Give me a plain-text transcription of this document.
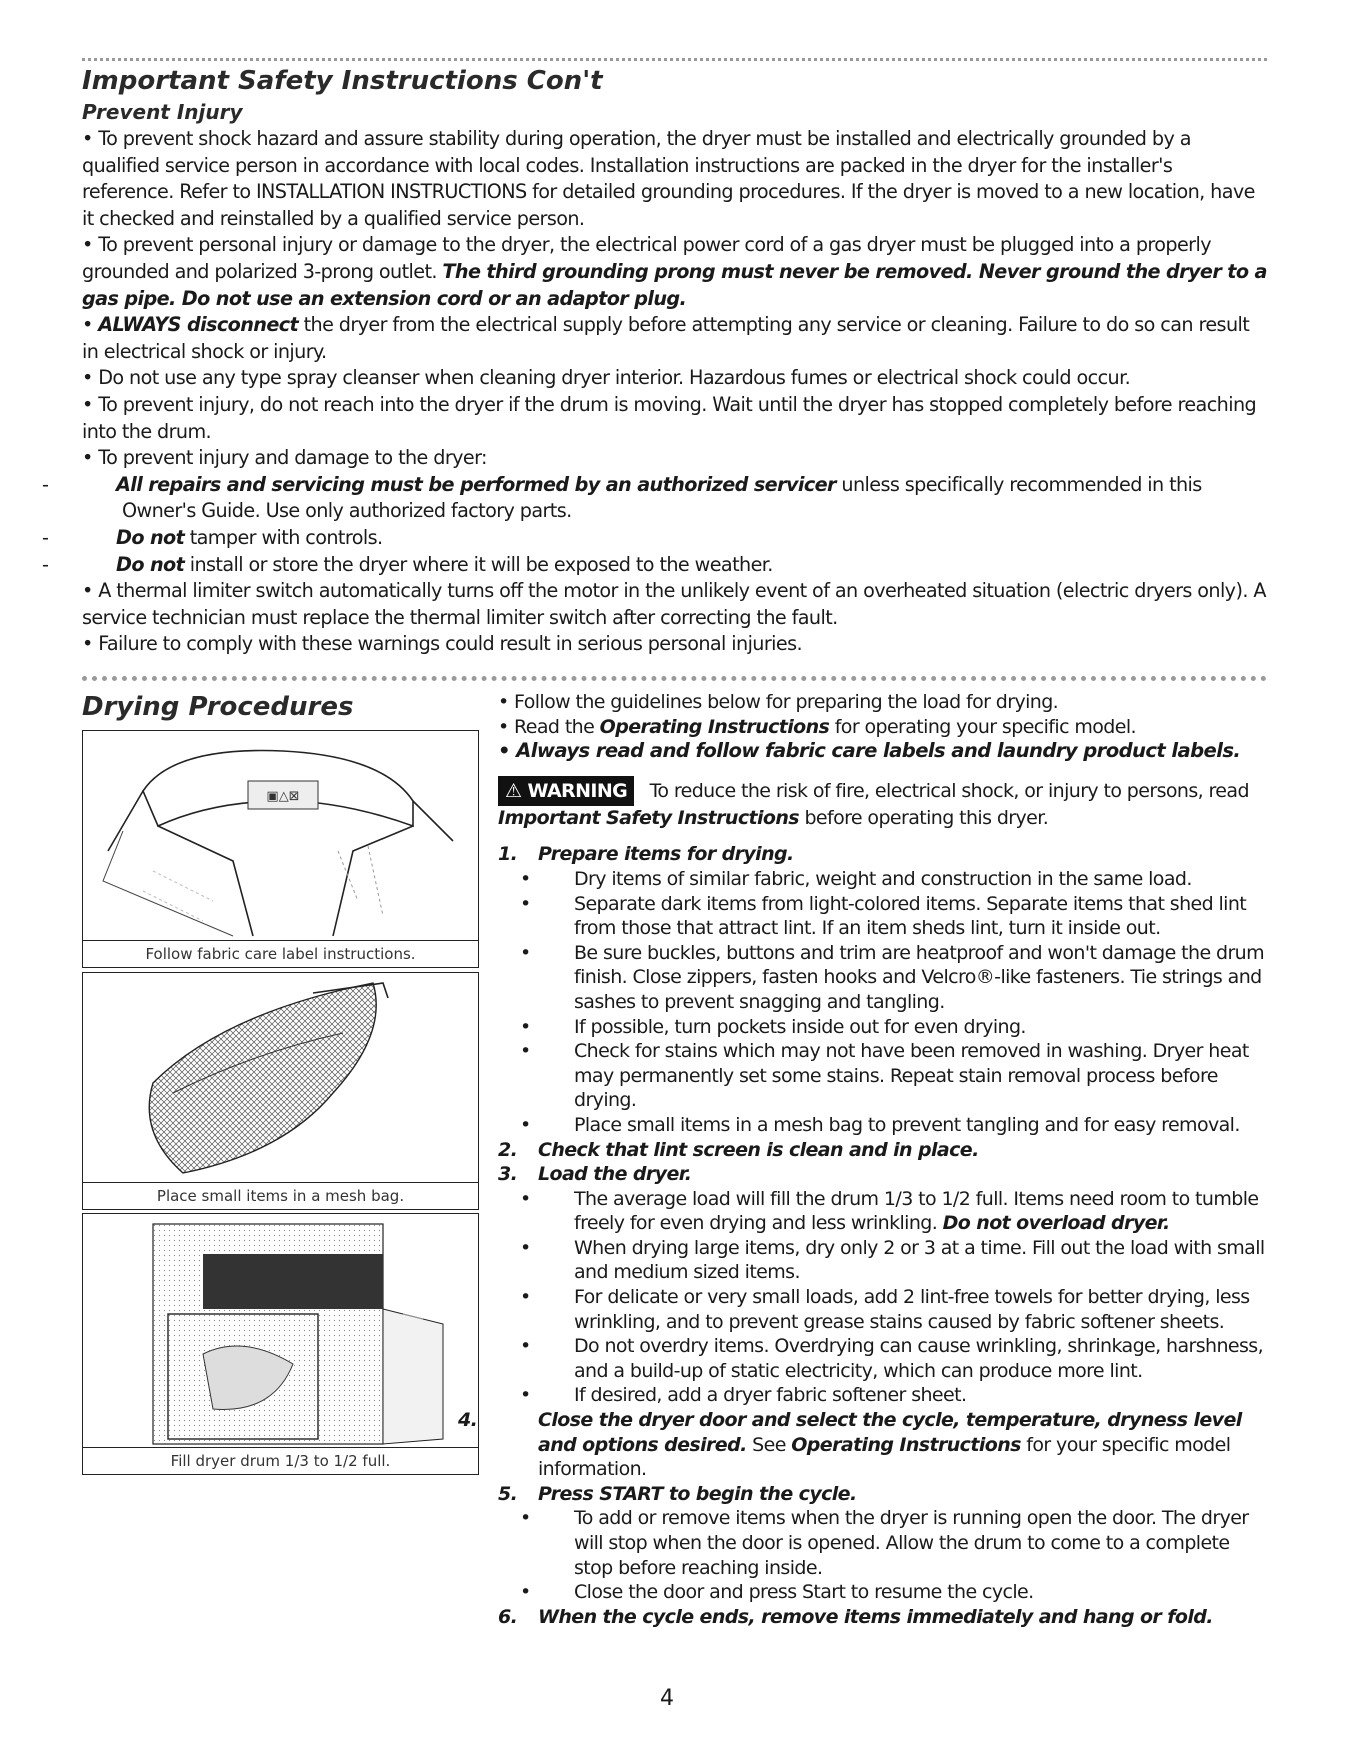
Important Safety Instructions Con't
Prevent Injury

• To prevent shock hazard and assure stability during operation, the dryer must be installed and electrically grounded by a qualified service person in accordance with local codes. Installation instructions are packed in the dryer for the installer's reference. Refer to INSTALLATION INSTRUCTIONS for detailed grounding procedures. If the dryer is moved to a new location, have it checked and reinstalled by a qualified service person.

• To prevent personal injury or damage to the dryer, the electrical power cord of a gas dryer must be plugged into a properly grounded and polarized 3-prong outlet. The third grounding prong must never be removed. Never ground the dryer to a gas pipe. Do not use an extension cord or an adaptor plug.

• ALWAYS disconnect the dryer from the electrical supply before attempting any service or cleaning. Failure to do so can result in electrical shock or injury.

• Do not use any type spray cleanser when cleaning dryer interior. Hazardous fumes or electrical shock could occur.

• To prevent injury, do not reach into the dryer if the drum is moving. Wait until the dryer has stopped completely before reaching into the drum.

• To prevent injury and damage to the dryer:

-	All repairs and servicing must be performed by an authorized servicer unless specifically recommended in this Owner's Guide. Use only authorized factory parts.

-	Do not tamper with controls.

-	Do not install or store the dryer where it will be exposed to the weather.

• A thermal limiter switch automatically turns off the motor in the unlikely event of an overheated situation (electric dryers only). A service technician must replace the thermal limiter switch after correcting the fault.

• Failure to comply with these warnings could result in serious personal injuries.

Drying Procedures
▣△⊠
Follow fabric care label instructions.
Place small items in a mesh bag.
Fill dryer drum 1/3 to 1/2 full.

• Follow the guidelines below for preparing the load for drying.

• Read the Operating Instructions for operating your specific model.

• Always read and follow fabric care labels and laundry product labels.

⚠ WARNING To reduce the risk of fire, electrical shock, or injury to persons, read Important Safety Instructions before operating this dryer.

1. Prepare items for drying.

• Dry items of similar fabric, weight and construction in the same load.

• Separate dark items from light-colored items. Separate items that shed lint from those that attract lint. If an item sheds lint, turn it inside out.

• Be sure buckles, buttons and trim are heatproof and won't damage the drum finish. Close zippers, fasten hooks and Velcro®-like fasteners. Tie strings and sashes to prevent snagging and tangling.

• If possible, turn pockets inside out for even drying.

• Check for stains which may not have been removed in washing. Dryer heat may permanently set some stains. Repeat stain removal process before drying.

• Place small items in a mesh bag to prevent tangling and for easy removal.

2. Check that lint screen is clean and in place.

3. Load the dryer.

• The average load will fill the drum 1/3 to 1/2 full. Items need room to tumble freely for even drying and less wrinkling. Do not overload dryer.

• When drying large items, dry only 2 or 3 at a time. Fill out the load with small and medium sized items.

• For delicate or very small loads, add 2 lint-free towels for better drying, less wrinkling, and to prevent grease stains caused by fabric softener sheets.

• Do not overdry items. Overdrying can cause wrinkling, shrinkage, harshness, and a build-up of static electricity, which can produce more lint.

• If desired, add a dryer fabric softener sheet.

4.	Close the dryer door and select the cycle, temperature, dryness level and options desired. See Operating Instructions for your specific model information.

5. Press START to begin the cycle.

• To add or remove items when the dryer is running open the door. The dryer will stop when the door is opened. Allow the drum to come to a complete stop before reaching inside.

• Close the door and press Start to resume the cycle.

6. When the cycle ends, remove items immediately and hang or fold.

4
